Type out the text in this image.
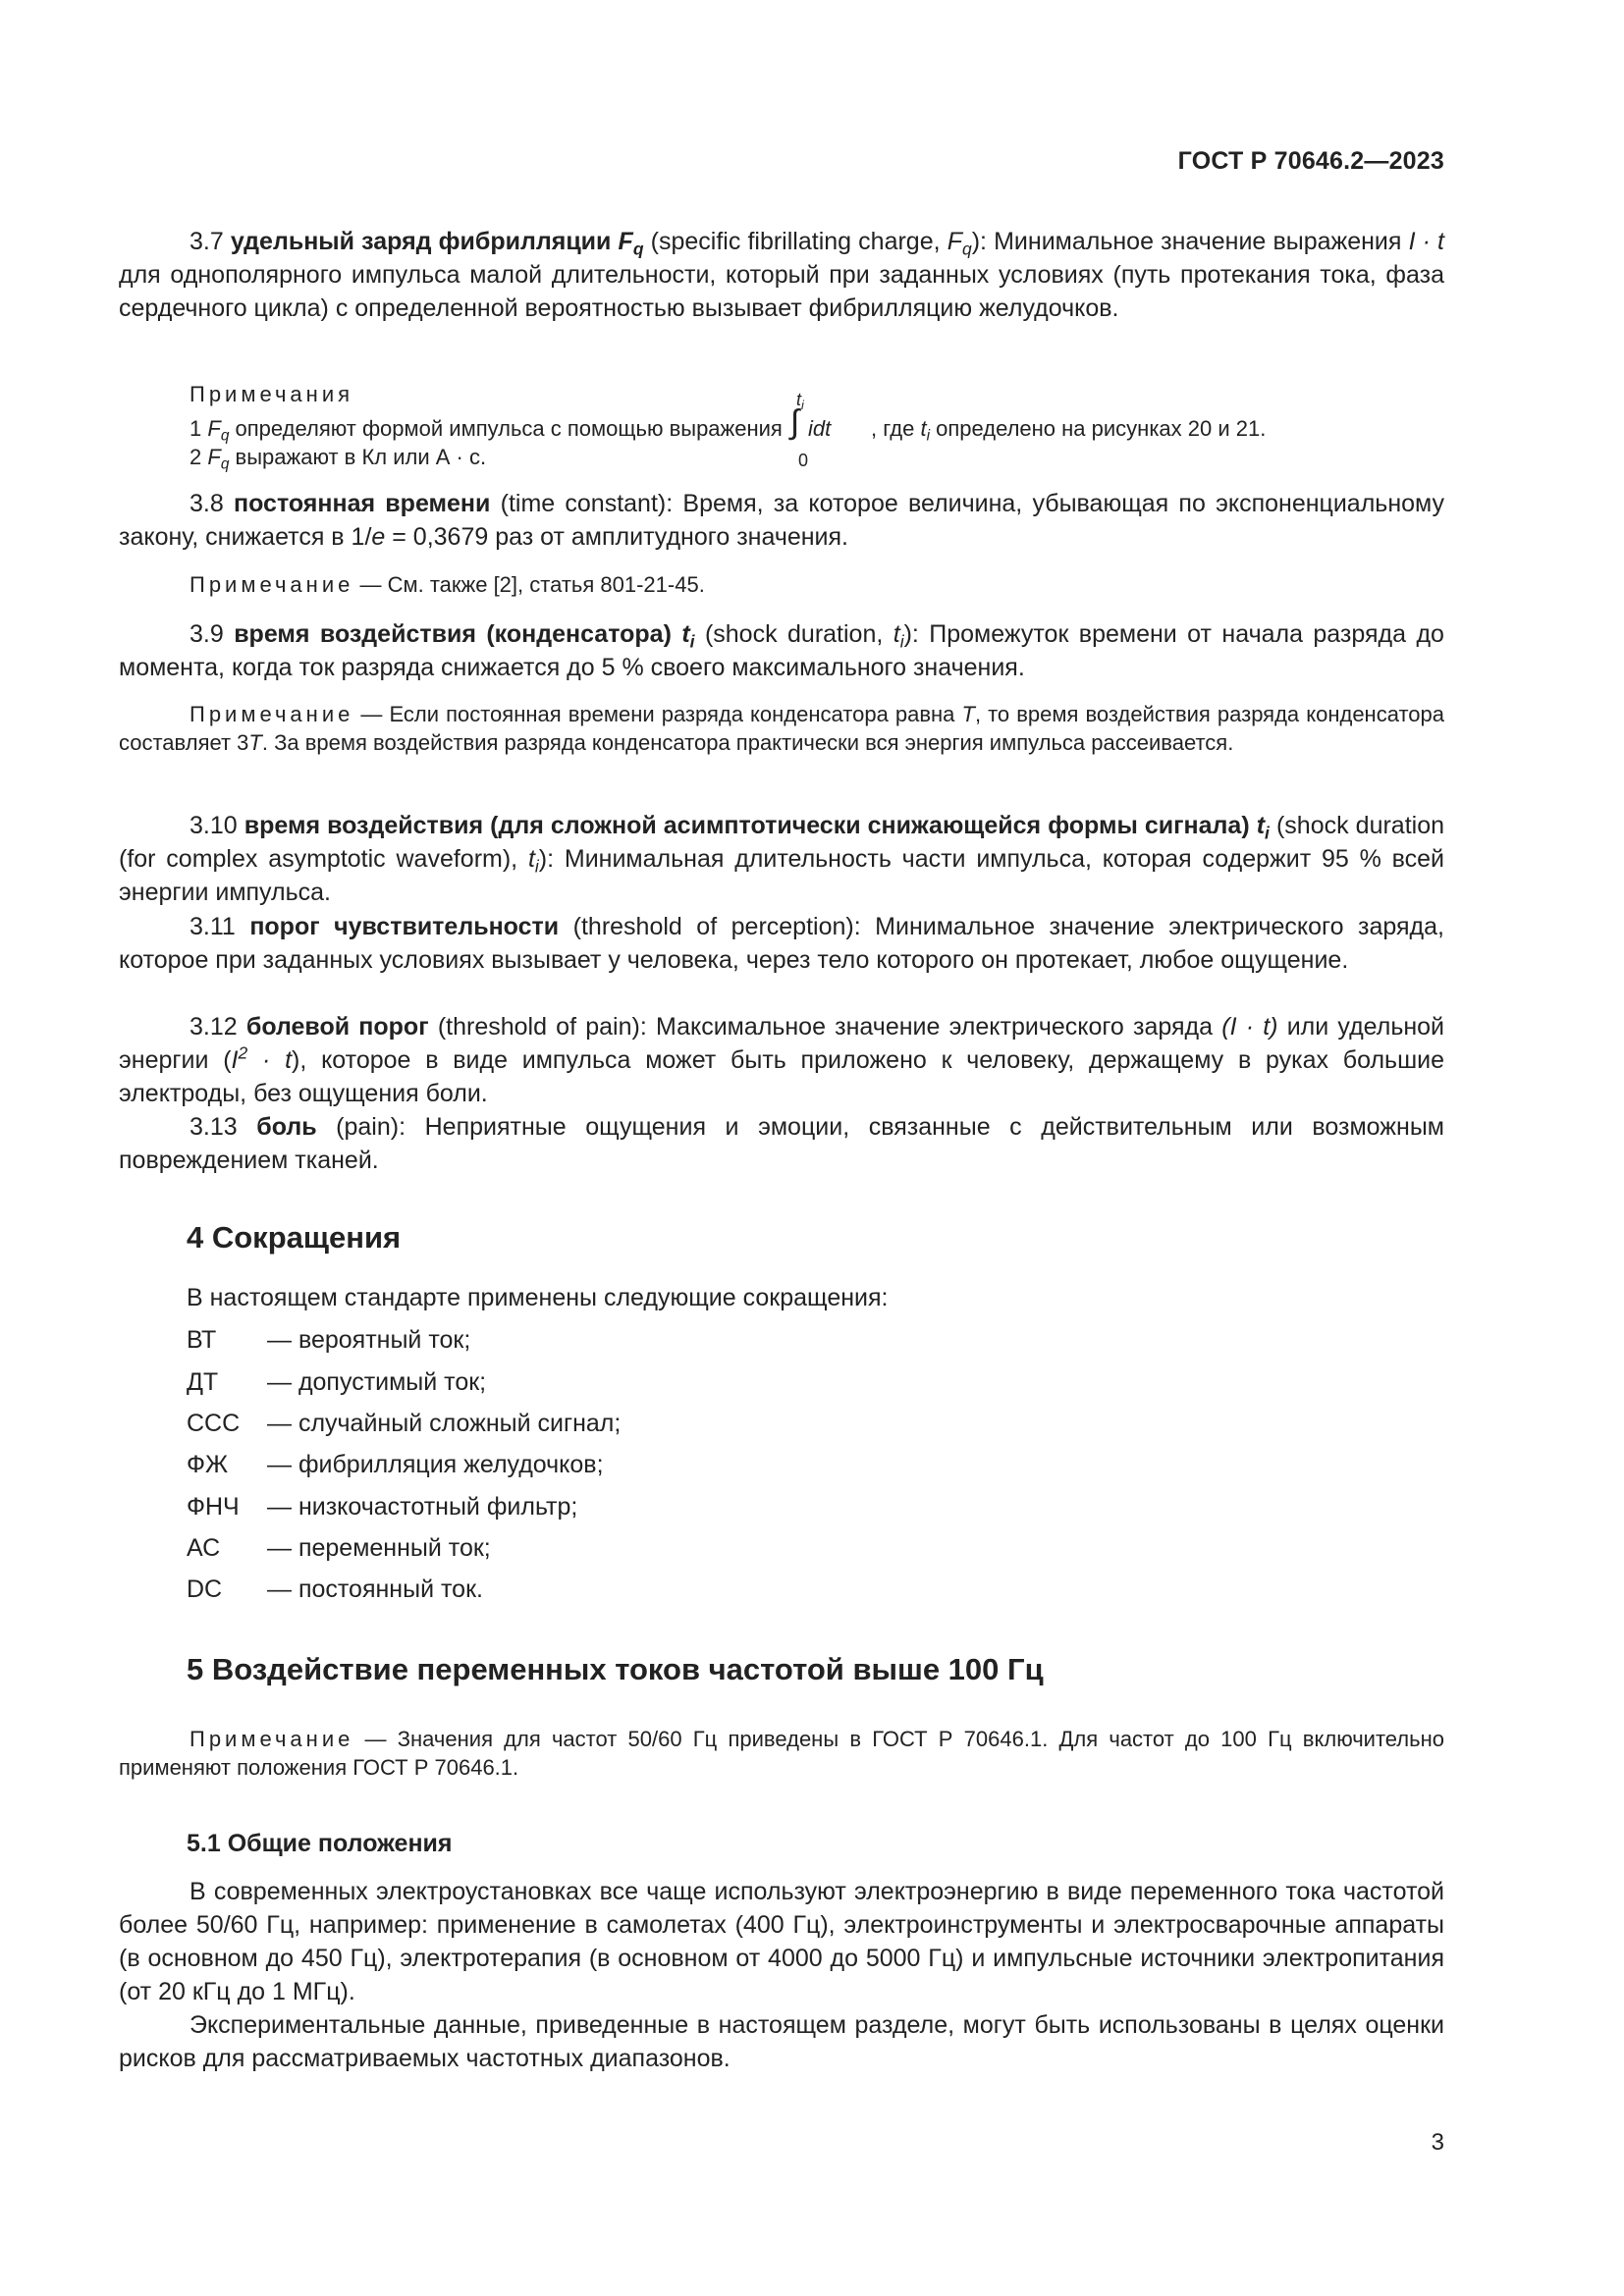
ГОСТ Р 70646.2—2023

3.7 удельный заряд фибрилляции $F_q$ (specific fibrillating charge, $F_q$): Минимальное значение выражения I · t для однополярного импульса малой длительности, который при заданных условиях (путь протекания тока, фаза сердечного цикла) с определенной вероятностью вызывает фибрилляцию желудочков.

Примечания
1 $F_q$ определяют формой импульса с помощью выражения
$t_i$
∫ idt
0
, где $t_i$ определено на рисунках 20 и 21.
2 $F_q$ выражают в Кл или А · с.

3.8 постоянная времени (time constant): Время, за которое величина, убывающая по экспоненциальному закону, снижается в 1/e = 0,3679 раз от амплитудного значения.

Примечание — См. также [2], статья 801-21-45.

3.9 время воздействия (конденсатора) $t_i$ (shock duration, $t_i$): Промежуток времени от начала разряда до момента, когда ток разряда снижается до 5 % своего максимального значения.

Примечание — Если постоянная времени разряда конденсатора равна T, то время воздействия разряда конденсатора составляет 3T. За время воздействия разряда конденсатора практически вся энергия импульса рассеивается.

3.10 время воздействия (для сложной асимптотически снижающейся формы сигнала) $t_i$ (shock duration (for complex asymptotic waveform), $t_i$): Минимальная длительность части импульса, которая содержит 95 % всей энергии импульса.

3.11 порог чувствительности (threshold of perception): Минимальное значение электрического заряда, которое при заданных условиях вызывает у человека, через тело которого он протекает, любое ощущение.

3.12 болевой порог (threshold of pain): Максимальное значение электрического заряда (I · t) или удельной энергии $(I^2 \cdot t)$, которое в виде импульса может быть приложено к человеку, держащему в руках большие электроды, без ощущения боли.

3.13 боль (pain): Неприятные ощущения и эмоции, связанные с действительным или возможным повреждением тканей.

4 Сокращения

В настоящем стандарте применены следующие сокращения:

ВТ — вероятный ток;
ДТ — допустимый ток;
ССС — случайный сложный сигнал;
ФЖ — фибрилляция желудочков;
ФНЧ — низкочастотный фильтр;
АС — переменный ток;
DC — постоянный ток.
5 Воздействие переменных токов частотой выше 100 Гц

Примечание — Значения для частот 50/60 Гц приведены в ГОСТ Р 70646.1. Для частот до 100 Гц включительно применяют положения ГОСТ Р 70646.1.

5.1 Общие положения

В современных электроустановках все чаще используют электроэнергию в виде переменного тока частотой более 50/60 Гц, например: применение в самолетах (400 Гц), электроинструменты и электросварочные аппараты (в основном до 450 Гц), электротерапия (в основном от 4000 до 5000 Гц) и импульсные источники электропитания (от 20 кГц до 1 МГц).

Экспериментальные данные, приведенные в настоящем разделе, могут быть использованы в целях оценки рисков для рассматриваемых частотных диапазонов.

3
